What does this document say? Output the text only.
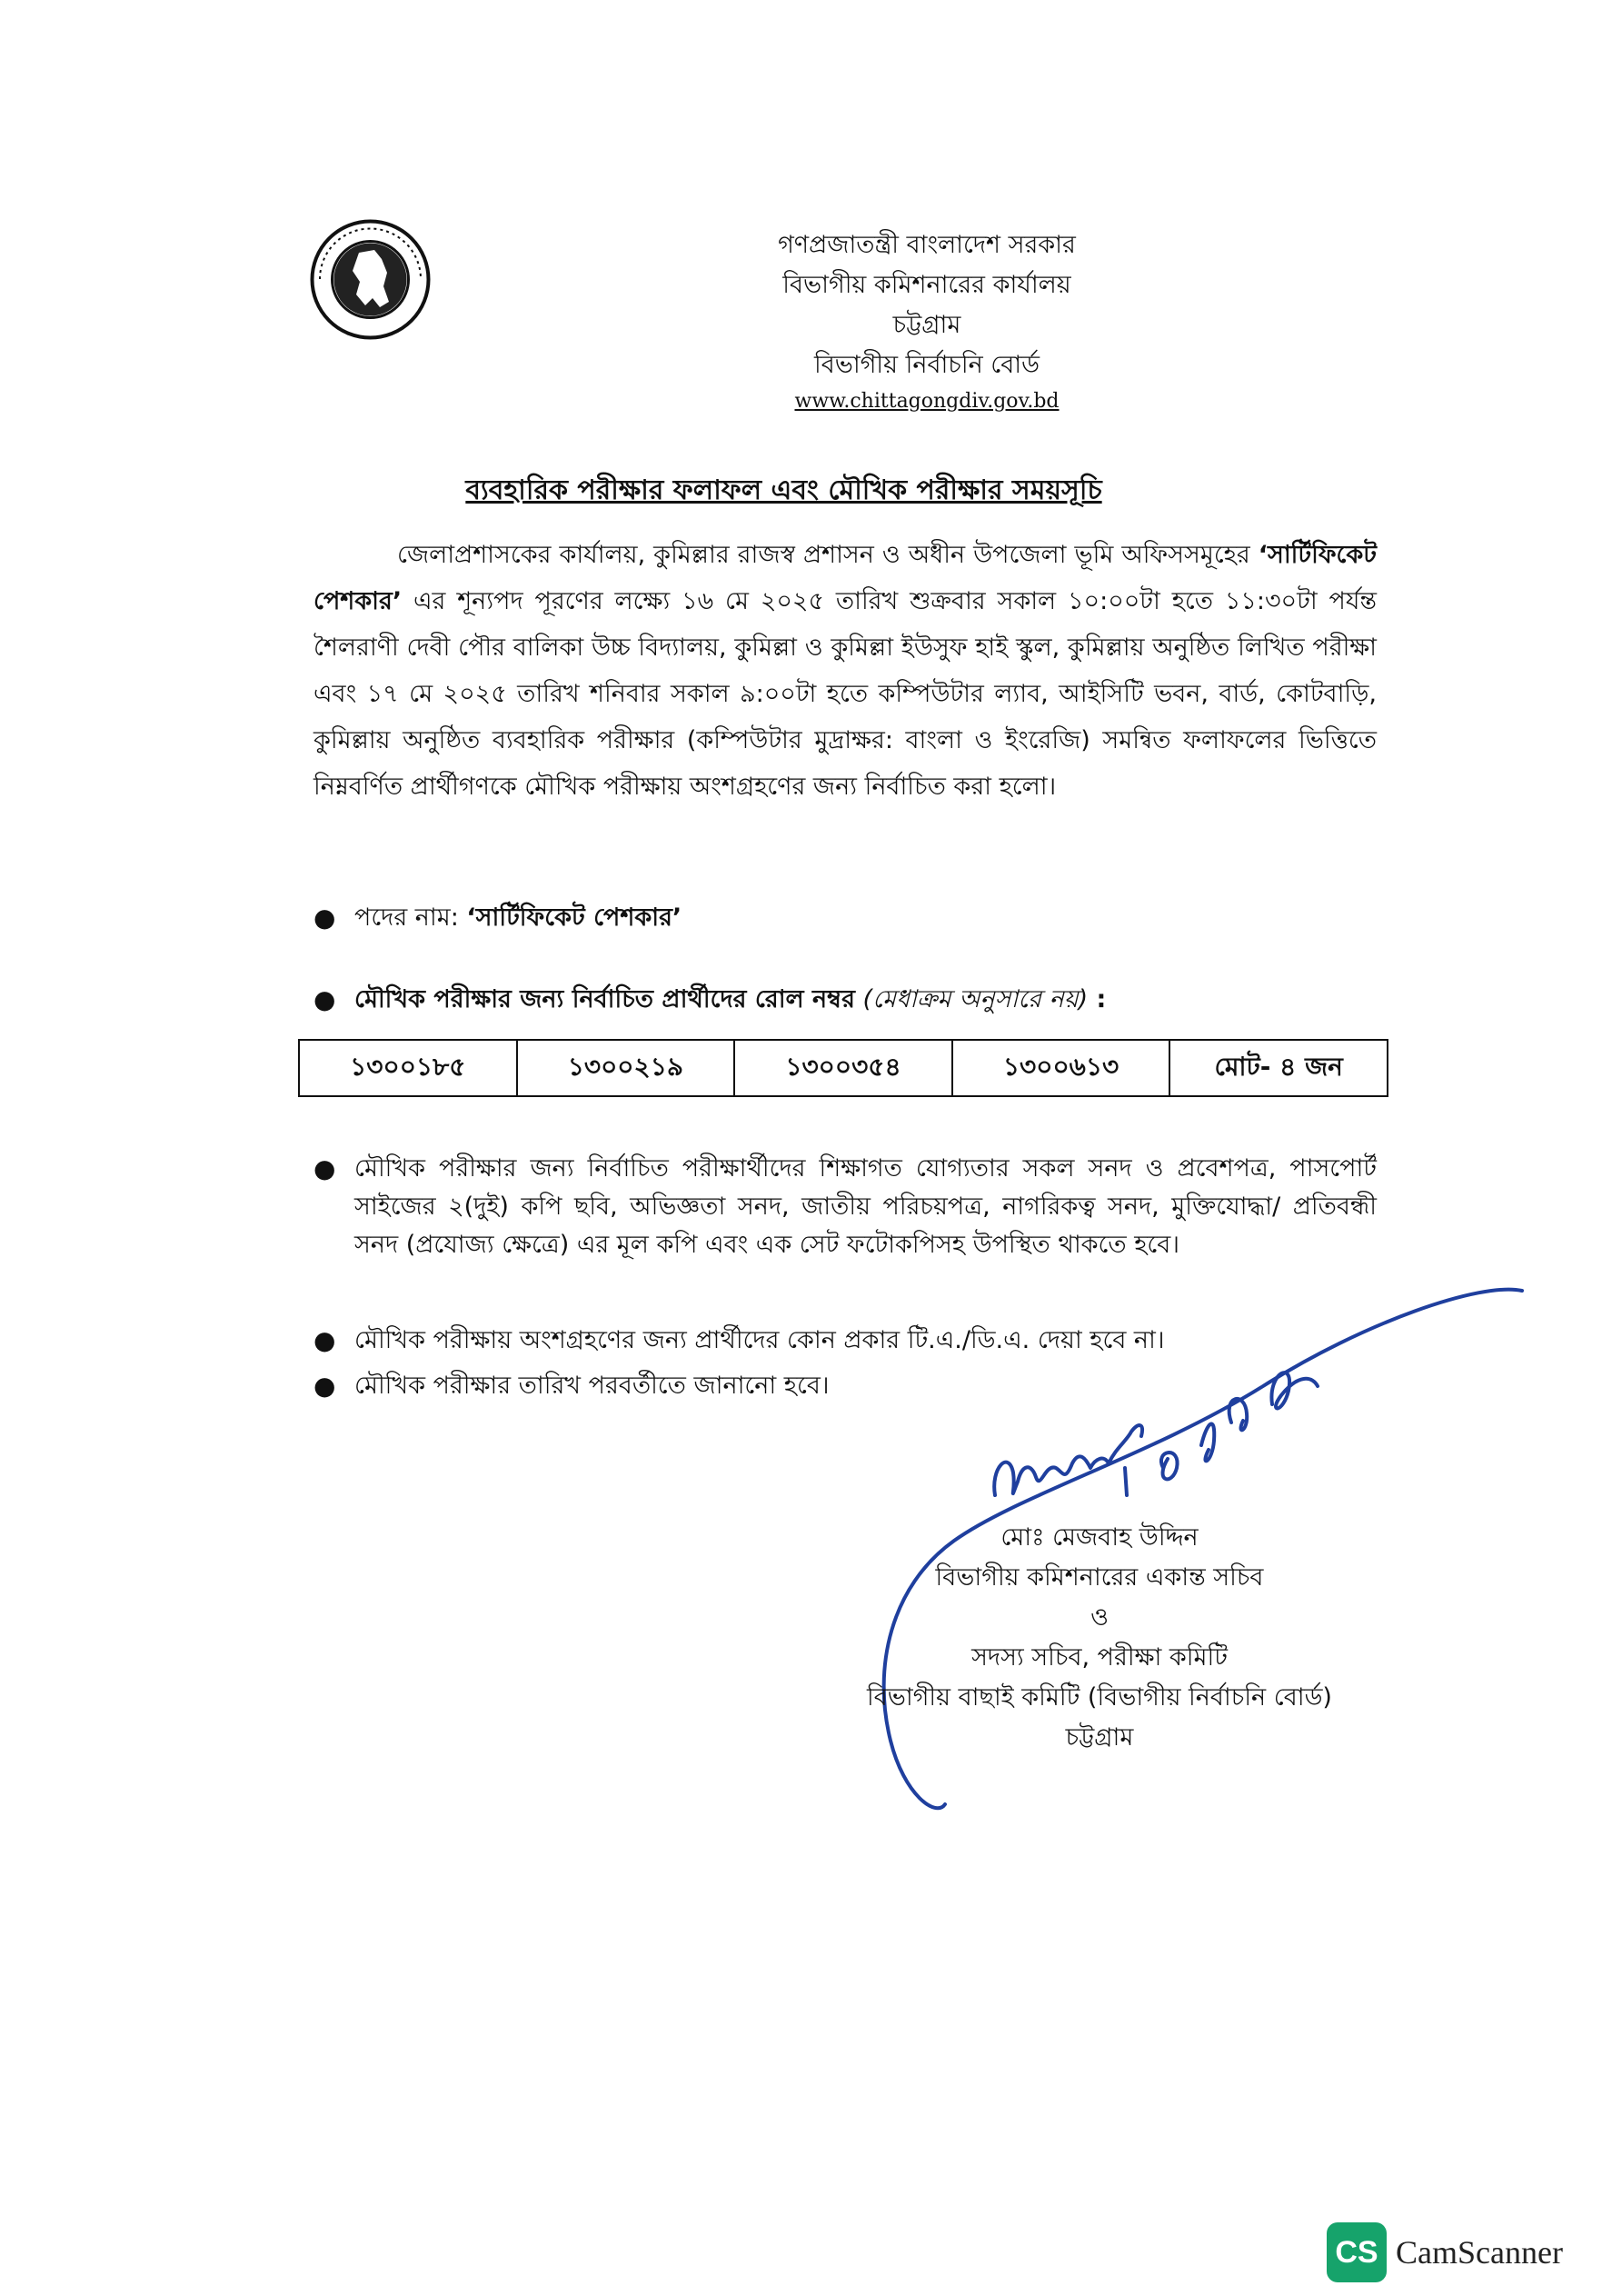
গণপ্রজাতন্ত্রী বাংলাদেশ সরকার
বিভাগীয় কমিশনারের কার্যালয়
চট্টগ্রাম
বিভাগীয় নির্বাচনি বোর্ড
www.chittagongdiv.gov.bd
ব্যবহারিক পরীক্ষার ফলাফল এবং মৌখিক পরীক্ষার সময়সূচি
জেলাপ্রশাসকের কার্যালয়, কুমিল্লার রাজস্ব প্রশাসন ও অধীন উপজেলা ভূমি অফিসসমূহের ‘সার্টিফিকেট পেশকার’ এর শূন্যপদ পূরণের লক্ষ্যে ১৬ মে ২০২৫ তারিখ শুক্রবার সকাল ১০:০০টা হতে ১১:৩০টা পর্যন্ত শৈলরাণী দেবী পৌর বালিকা উচ্চ বিদ্যালয়, কুমিল্লা ও কুমিল্লা ইউসুফ হাই স্কুল, কুমিল্লায় অনুষ্ঠিত লিখিত পরীক্ষা এবং ১৭ মে ২০২৫ তারিখ শনিবার সকাল ৯:০০টা হতে কম্পিউটার ল্যাব, আইসিটি ভবন, বার্ড, কোটবাড়ি, কুমিল্লায় অনুষ্ঠিত ব্যবহারিক পরীক্ষার (কম্পিউটার মুদ্রাক্ষর: বাংলা ও ইংরেজি) সমন্বিত ফলাফলের ভিত্তিতে নিম্নবর্ণিত প্রার্থীগণকে মৌখিক পরীক্ষায় অংশগ্রহণের জন্য নির্বাচিত করা হলো।
● পদের নাম: ‘সার্টিফিকেট পেশকার’
● মৌখিক পরীক্ষার জন্য নির্বাচিত প্রার্থীদের রোল নম্বর (মেধাক্রম অনুসারে নয়) :
১৩০০১৮৫	১৩০০২১৯	১৩০০৩৫৪	১৩০০৬১৩	মোট- ৪ জন
● মৌখিক পরীক্ষার জন্য নির্বাচিত পরীক্ষার্থীদের শিক্ষাগত যোগ্যতার সকল সনদ ও প্রবেশপত্র, পাসপোর্ট সাইজের ২(দুই) কপি ছবি, অভিজ্ঞতা সনদ, জাতীয় পরিচয়পত্র, নাগরিকত্ব সনদ, মুক্তিযোদ্ধা/ প্রতিবন্ধী সনদ (প্রযোজ্য ক্ষেত্রে) এর মূল কপি এবং এক সেট ফটোকপিসহ উপস্থিত থাকতে হবে।
● মৌখিক পরীক্ষায় অংশগ্রহণের জন্য প্রার্থীদের কোন প্রকার টি.এ./ডি.এ. দেয়া হবে না।
● মৌখিক পরীক্ষার তারিখ পরবর্তীতে জানানো হবে।
মোঃ মেজবাহ উদ্দিন
বিভাগীয় কমিশনারের একান্ত সচিব
ও
সদস্য সচিব, পরীক্ষা কমিটি
বিভাগীয় বাছাই কমিটি (বিভাগীয় নির্বাচনি বোর্ড)
চট্টগ্রাম
CS CamScanner
